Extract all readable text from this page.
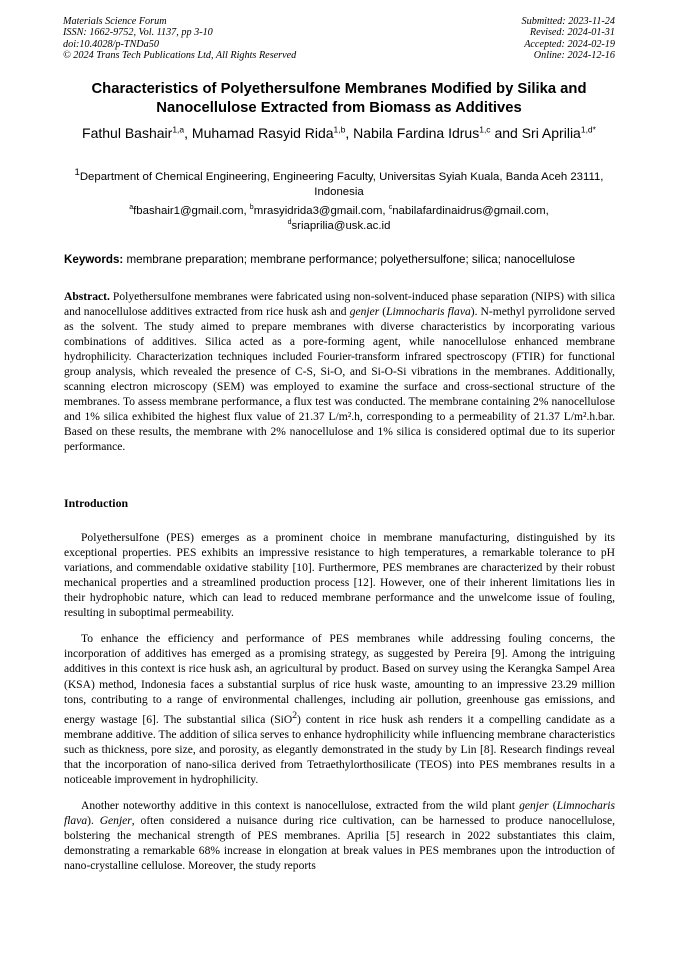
Materials Science Forum
ISSN: 1662-9752, Vol. 1137, pp 3-10
doi:10.4028/p-TNDa50
© 2024 Trans Tech Publications Ltd, All Rights Reserved
Submitted: 2023-11-24
Revised: 2024-01-31
Accepted: 2024-02-19
Online: 2024-12-16
Characteristics of Polyethersulfone Membranes Modified by Silika and Nanocellulose Extracted from Biomass as Additives
Fathul Bashair$^{1,a}$, Muhamad Rasyid Rida$^{1,b}$, Nabila Fardina Idrus$^{1,c}$ and Sri Aprilia$^{1,d*}$
$^1$Department of Chemical Engineering, Engineering Faculty, Universitas Syiah Kuala, Banda Aceh 23111, Indonesia
$^a$fbashair1@gmail.com, $^b$mrasyidrida3@gmail.com, $^c$nabilafardinaidrus@gmail.com,
$^d$sriaprilia@usk.ac.id
Keywords: membrane preparation; membrane performance; polyethersulfone; silica; nanocellulose

Abstract. Polyethersulfone membranes were fabricated using non-solvent-induced phase separation (NIPS) with silica and nanocellulose additives extracted from rice husk ash and genjer (Limnocharis flava). N-methyl pyrrolidone served as the solvent. The study aimed to prepare membranes with diverse characteristics by incorporating various combinations of additives. Silica acted as a pore-forming agent, while nanocellulose enhanced membrane hydrophilicity. Characterization techniques included Fourier-transform infrared spectroscopy (FTIR) for functional group analysis, which revealed the presence of C-S, Si-O, and Si-O-Si vibrations in the membranes. Additionally, scanning electron microscopy (SEM) was employed to examine the surface and cross-sectional structure of the membranes. To assess membrane performance, a flux test was conducted. The membrane containing 2% nanocellulose and 1% silica exhibited the highest flux value of 21.37 L/m².h, corresponding to a permeability of 21.37 L/m².h.bar. Based on these results, the membrane with 2% nanocellulose and 1% silica is considered optimal due to its superior performance.

Introduction

Polyethersulfone (PES) emerges as a prominent choice in membrane manufacturing, distinguished by its exceptional properties. PES exhibits an impressive resistance to high temperatures, a remarkable tolerance to pH variations, and commendable oxidative stability [10]. Furthermore, PES membranes are characterized by their robust mechanical properties and a streamlined production process [12]. However, one of their inherent limitations lies in their hydrophobic nature, which can lead to reduced membrane performance and the unwelcome issue of fouling, resulting in suboptimal permeability.

To enhance the efficiency and performance of PES membranes while addressing fouling concerns, the incorporation of additives has emerged as a promising strategy, as suggested by Pereira [9]. Among the intriguing additives in this context is rice husk ash, an agricultural by product. Based on survey using the Kerangka Sampel Area (KSA) method, Indonesia faces a substantial surplus of rice husk waste, amounting to an impressive 23.29 million tons, contributing to a range of environmental challenges, including air pollution, greenhouse gas emissions, and energy wastage [6]. The substantial silica (SiO$^2$) content in rice husk ash renders it a compelling candidate as a membrane additive. The addition of silica serves to enhance hydrophilicity while influencing membrane characteristics such as thickness, pore size, and porosity, as elegantly demonstrated in the study by Lin [8]. Research findings reveal that the incorporation of nano-silica derived from Tetraethylorthosilicate (TEOS) into PES membranes results in a noticeable improvement in hydrophilicity.

Another noteworthy additive in this context is nanocellulose, extracted from the wild plant genjer (Limnocharis flava). Genjer, often considered a nuisance during rice cultivation, can be harnessed to produce nanocellulose, bolstering the mechanical strength of PES membranes. Aprilia [5] research in 2022 substantiates this claim, demonstrating a remarkable 68% increase in elongation at break values in PES membranes upon the introduction of nano-crystalline cellulose. Moreover, the study reports
